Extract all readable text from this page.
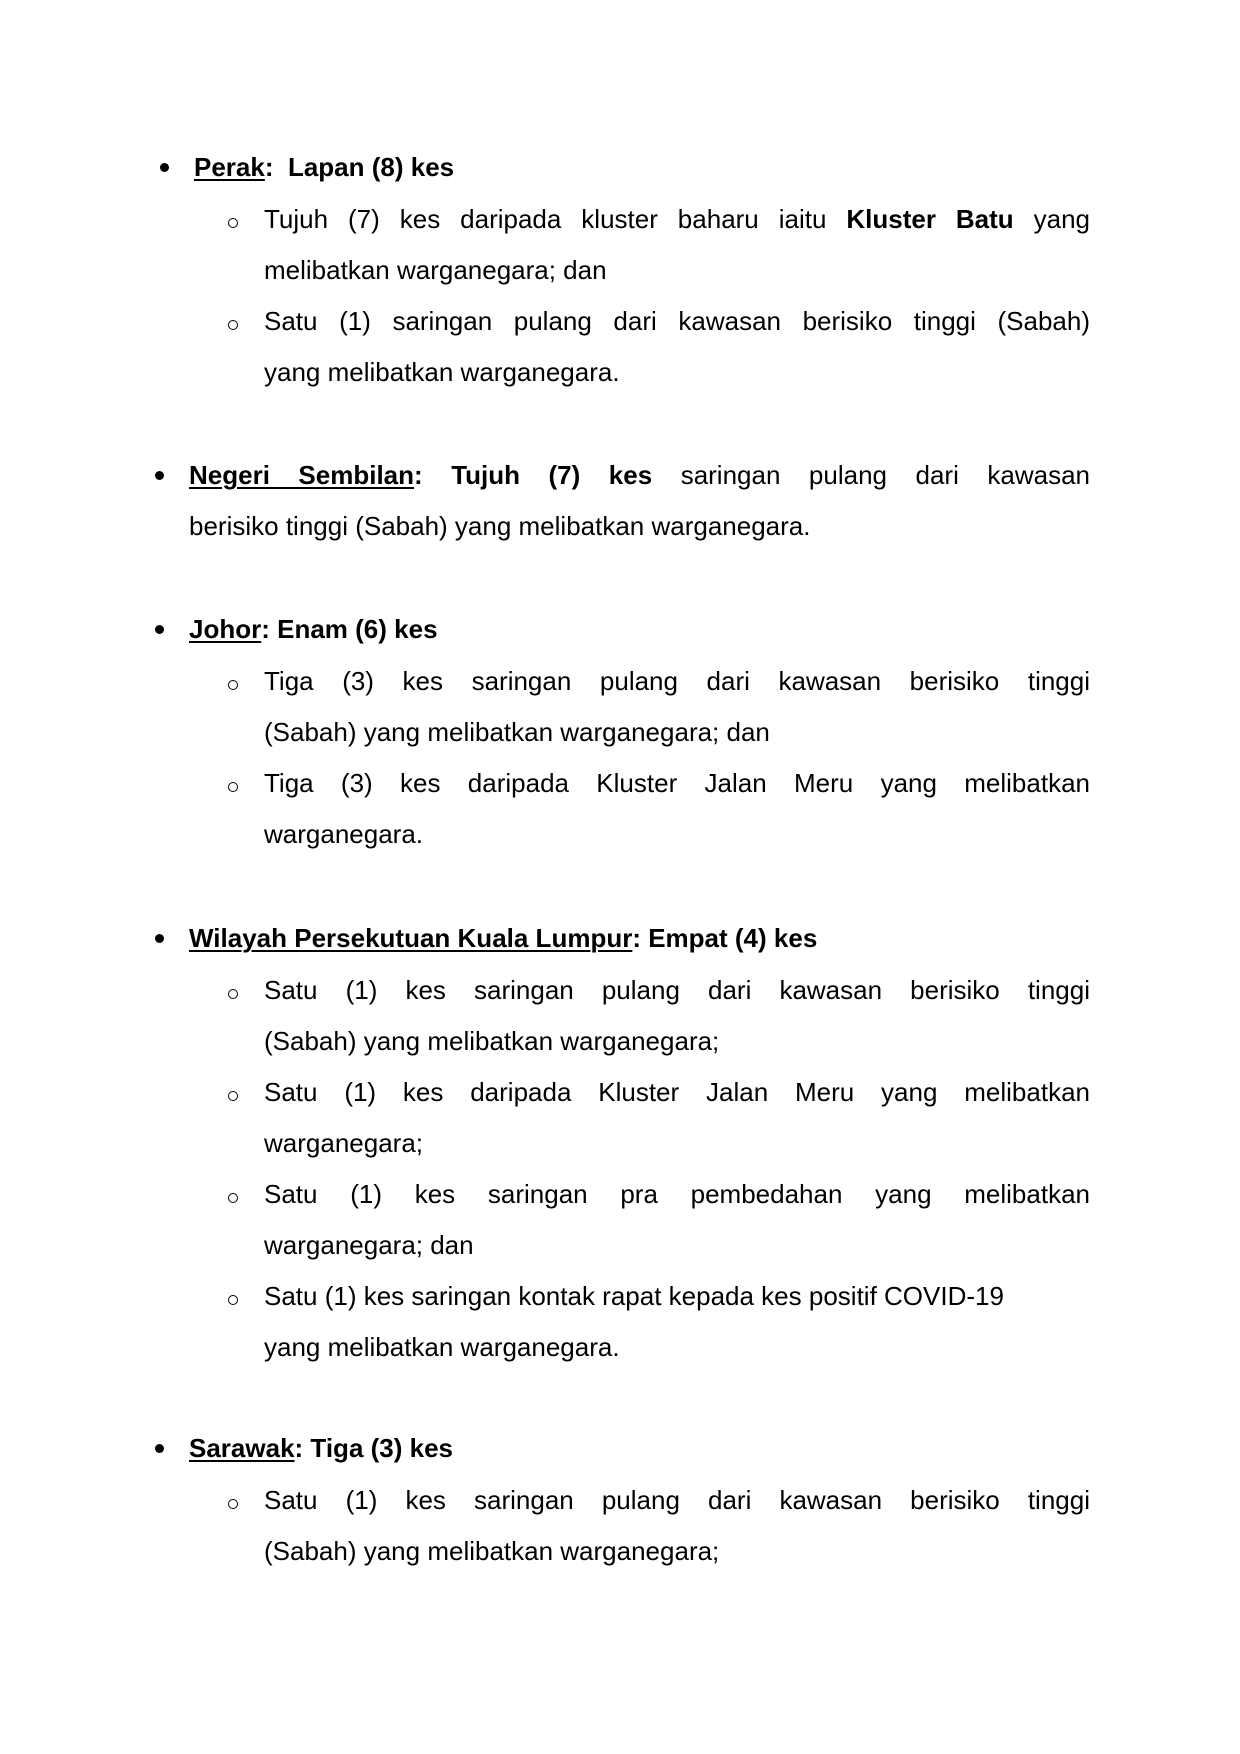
Perak:  Lapan (8) kes
Tujuh (7) kes daripada kluster baharu iaitu Kluster Batu yang
melibatkan warganegara; dan
Satu (1) saringan pulang dari kawasan berisiko tinggi (Sabah)
yang melibatkan warganegara.
Negeri Sembilan: Tujuh (7) kes saringan pulang dari kawasan
berisiko tinggi (Sabah) yang melibatkan warganegara.
Johor: Enam (6) kes
Tiga (3) kes saringan pulang dari kawasan berisiko tinggi
(Sabah) yang melibatkan warganegara; dan
Tiga (3) kes daripada Kluster Jalan Meru yang melibatkan
warganegara.
Wilayah Persekutuan Kuala Lumpur: Empat (4) kes
Satu (1) kes saringan pulang dari kawasan berisiko tinggi
(Sabah) yang melibatkan warganegara;
Satu (1) kes daripada Kluster Jalan Meru yang melibatkan
warganegara;
Satu (1) kes saringan pra pembedahan yang melibatkan
warganegara; dan
Satu (1) kes saringan kontak rapat kepada kes positif COVID-19
yang melibatkan warganegara.
Sarawak: Tiga (3) kes
Satu (1) kes saringan pulang dari kawasan berisiko tinggi
(Sabah) yang melibatkan warganegara;
